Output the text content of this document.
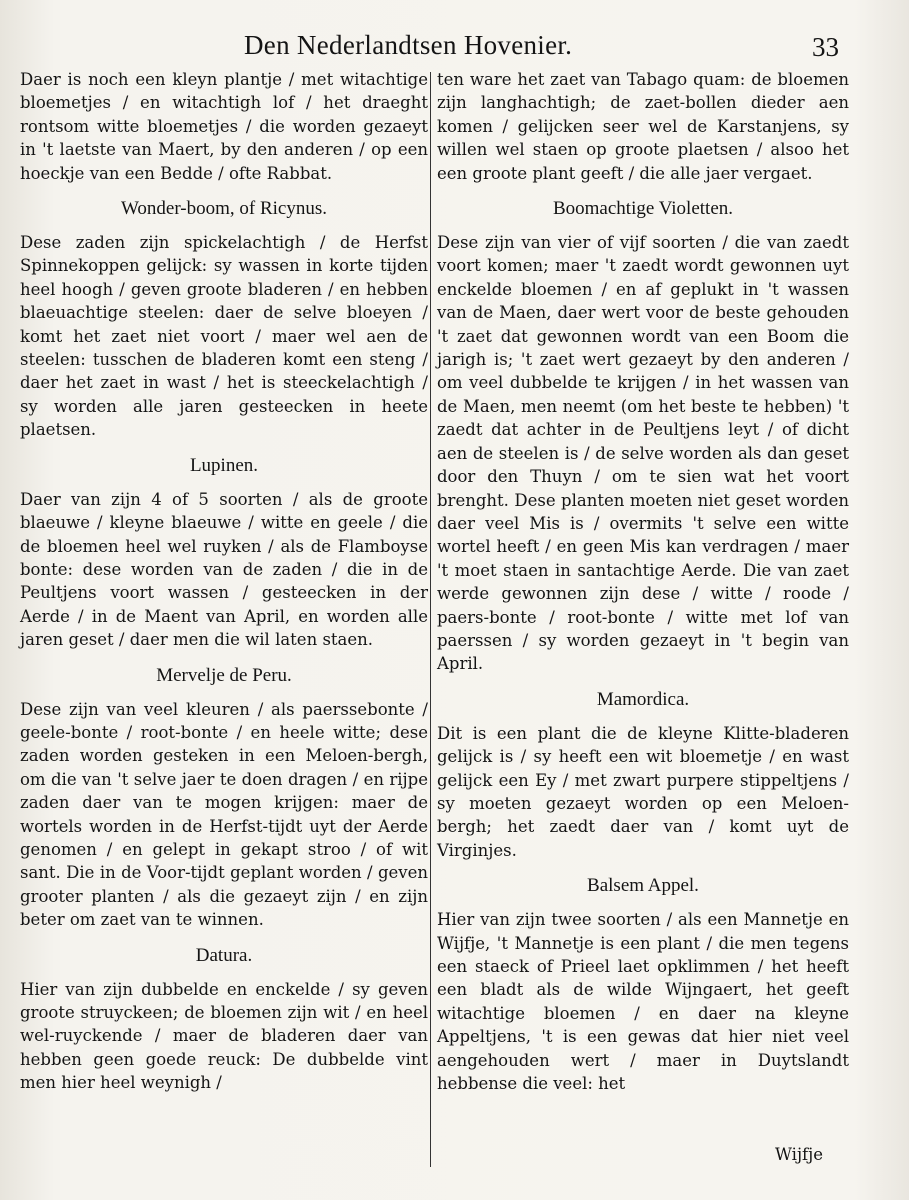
Den Nederlandtsen Hovenier.	33

Daer is noch een kleyn plantje / met witachtige bloemetjes / en witachtigh lof / het draeght rontsom witte bloemetjes / die worden gezaeyt in 't laetste van Maert, by den anderen / op een hoeckje van een Bedde / ofte Rabbat.

Wonder-boom, of Ricynus.

Dese zaden zijn spickelachtigh / de Herfst Spinnekoppen gelijck: sy wassen in korte tijden heel hoogh / geven groote bladeren / en hebben blaeuachtige steelen: daer de selve bloeyen / komt het zaet niet voort / maer wel aen de steelen: tusschen de bladeren komt een steng / daer het zaet in wast / het is steeckelachtigh / sy worden alle jaren gesteecken in heete plaetsen.

Lupinen.

Daer van zijn 4 of 5 soorten / als de groote blaeuwe / kleyne blaeuwe / witte en geele / die de bloemen heel wel ruyken / als de Flamboyse bonte: dese worden van de zaden / die in de Peultjens voort wassen / gesteecken in der Aerde / in de Maent van April, en worden alle jaren geset / daer men die wil laten staen.

Mervelje de Peru.

Dese zijn van veel kleuren / als paerssebonte / geele-bonte / root-bonte / en heele witte; dese zaden worden gesteken in een Meloen-bergh, om die van 't selve jaer te doen dragen / en rijpe zaden daer van te mogen krijgen: maer de wortels worden in de Herfst-tijdt uyt der Aerde genomen / en gelept in gekapt stroo / of wit sant. Die in de Voor-tijdt geplant worden / geven grooter planten / als die gezaeyt zijn / en zijn beter om zaet van te winnen.

Datura.

Hier van zijn dubbelde en enckelde / sy geven groote struyckeen; de bloemen zijn wit / en heel wel-ruyckende / maer de bladeren daer van hebben geen goede reuck: De dubbelde vint men hier heel weynigh /

ten ware het zaet van Tabago quam: de bloemen zijn langhachtigh; de zaet-bollen dieder aen komen / gelijcken seer wel de Karstanjens, sy willen wel staen op groote plaetsen / alsoo het een groote plant geeft / die alle jaer vergaet.

Boomachtige Violetten.

Dese zijn van vier of vijf soorten / die van zaedt voort komen; maer 't zaedt wordt gewonnen uyt enckelde bloemen / en af geplukt in 't wassen van de Maen, daer wert voor de beste gehouden 't zaet dat gewonnen wordt van een Boom die jarigh is; 't zaet wert gezaeyt by den anderen / om veel dubbelde te krijgen / in het wassen van de Maen, men neemt (om het beste te hebben) 't zaedt dat achter in de Peultjens leyt / of dicht aen de steelen is / de selve worden als dan geset door den Thuyn / om te sien wat het voort brenght. Dese planten moeten niet geset worden daer veel Mis is / overmits 't selve een witte wortel heeft / en geen Mis kan verdragen / maer 't moet staen in santachtige Aerde. Die van zaet werde gewonnen zijn dese / witte / roode / paers-bonte / root-bonte / witte met lof van paerssen / sy worden gezaeyt in 't begin van April.

Mamordica.

Dit is een plant die de kleyne Klitte-bladeren gelijck is / sy heeft een wit bloemetje / en wast gelijck een Ey / met zwart purpere stippeltjens / sy moeten gezaeyt worden op een Meloen-bergh; het zaedt daer van / komt uyt de Virginjes.

Balsem Appel.

Hier van zijn twee soorten / als een Mannetje en Wijfje, 't Mannetje is een plant / die men tegens een staeck of Prieel laet opklimmen / het heeft een bladt als de wilde Wijngaert, het geeft witachtige bloemen / en daer na kleyne Appeltjens, 't is een gewas dat hier niet veel aengehouden wert / maer in Duytslandt hebbense die veel: het

Wijfje
